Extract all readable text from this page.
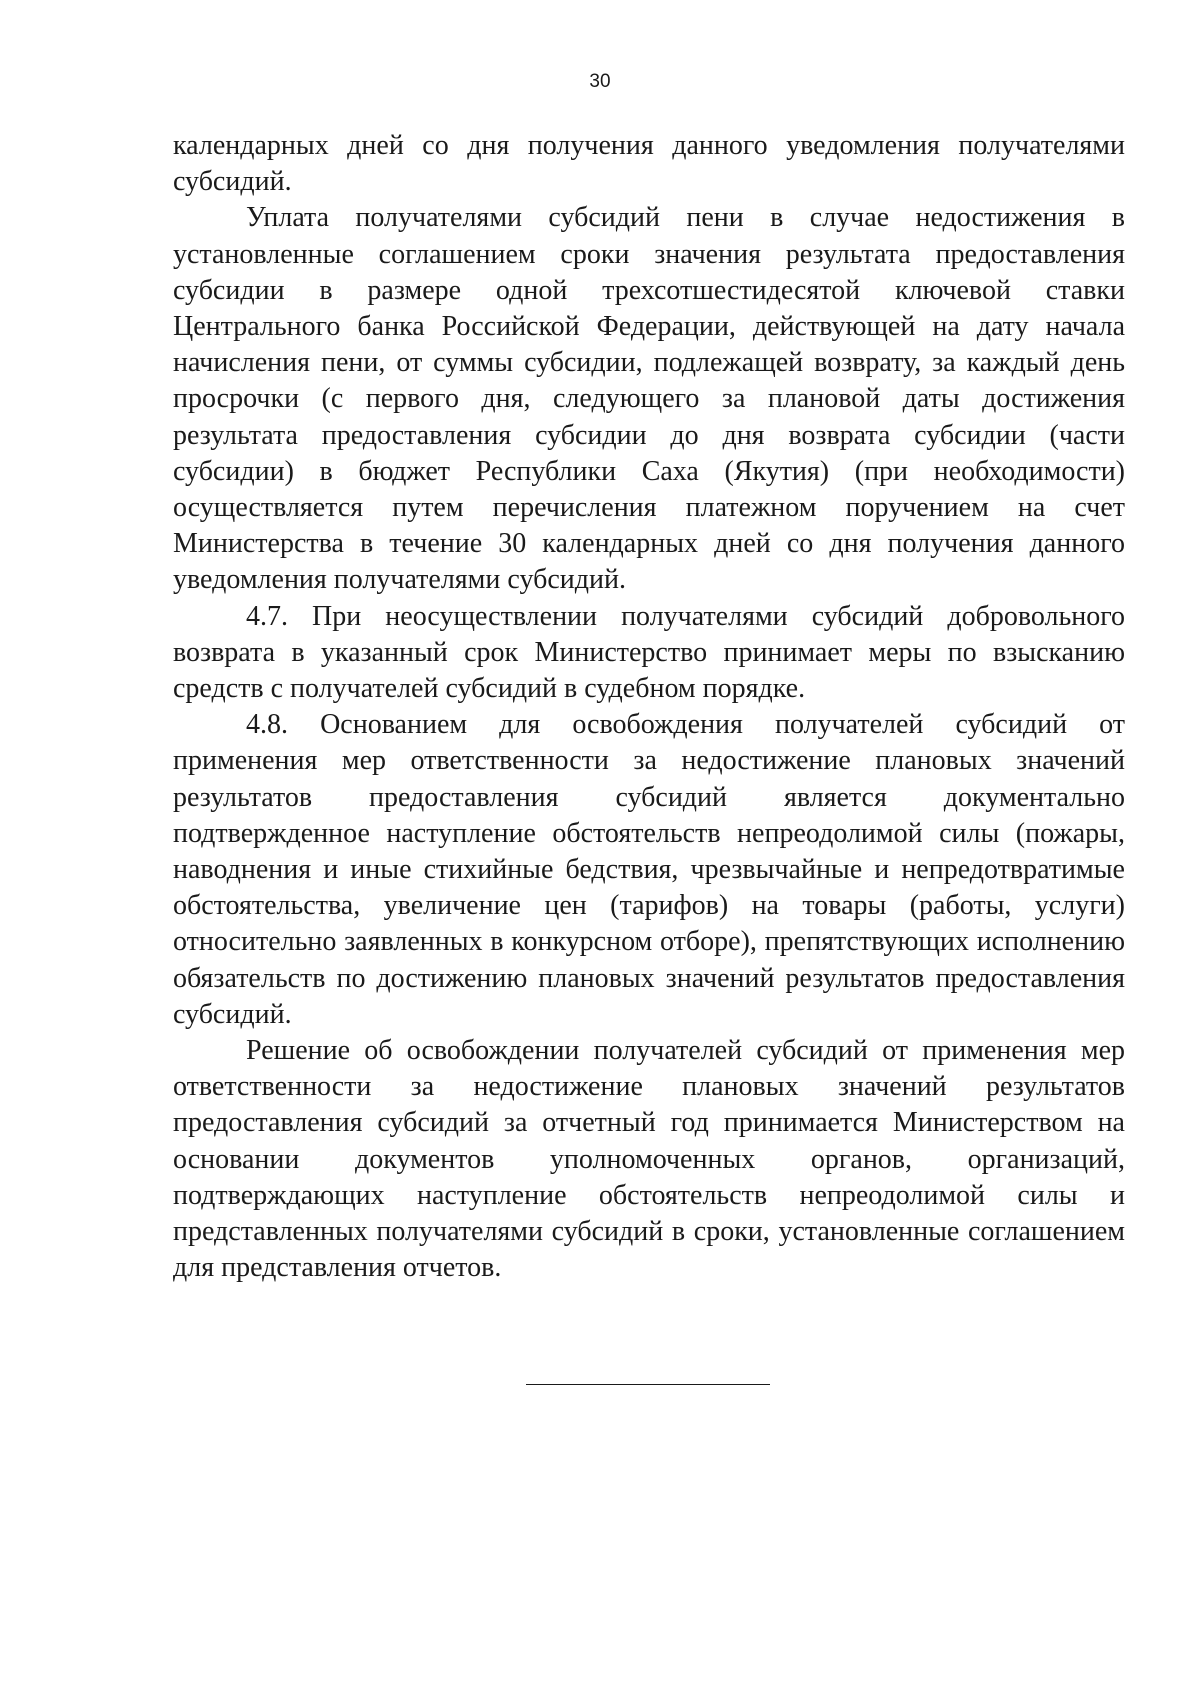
30

календарных дней со дня получения данного уведомления получателями субсидий.

Уплата получателями субсидий пени в случае недостижения в установленные соглашением сроки значения результата предоставления субсидии в размере одной трехсотшестидесятой ключевой ставки Центрального банка Российской Федерации, действующей на дату начала начисления пени, от суммы субсидии, подлежащей возврату, за каждый день просрочки (с первого дня, следующего за плановой даты достижения результата предоставления субсидии до дня возврата субсидии (части субсидии) в бюджет Республики Саха (Якутия) (при необходимости) осуществляется путем перечисления платежном поручением на счет Министерства в течение 30 календарных дней со дня получения данного уведомления получателями субсидий.

4.7. При неосуществлении получателями субсидий добровольного возврата в указанный срок Министерство принимает меры по взысканию средств с получателей субсидий в судебном порядке.

4.8. Основанием для освобождения получателей субсидий от применения мер ответственности за недостижение плановых значений результатов предоставления субсидий является документально подтвержденное наступление обстоятельств непреодолимой силы (пожары, наводнения и иные стихийные бедствия, чрезвычайные и непредотвратимые обстоятельства, увеличение цен (тарифов) на товары (работы, услуги) относительно заявленных в конкурсном отборе), препятствующих исполнению обязательств по достижению плановых значений результатов предоставления субсидий.

Решение об освобождении получателей субсидий от применения мер ответственности за недостижение плановых значений результатов предоставления субсидий за отчетный год принимается Министерством на основании документов уполномоченных органов, организаций, подтверждающих наступление обстоятельств непреодолимой силы и представленных получателями субсидий в сроки, установленные соглашением для представления отчетов.
